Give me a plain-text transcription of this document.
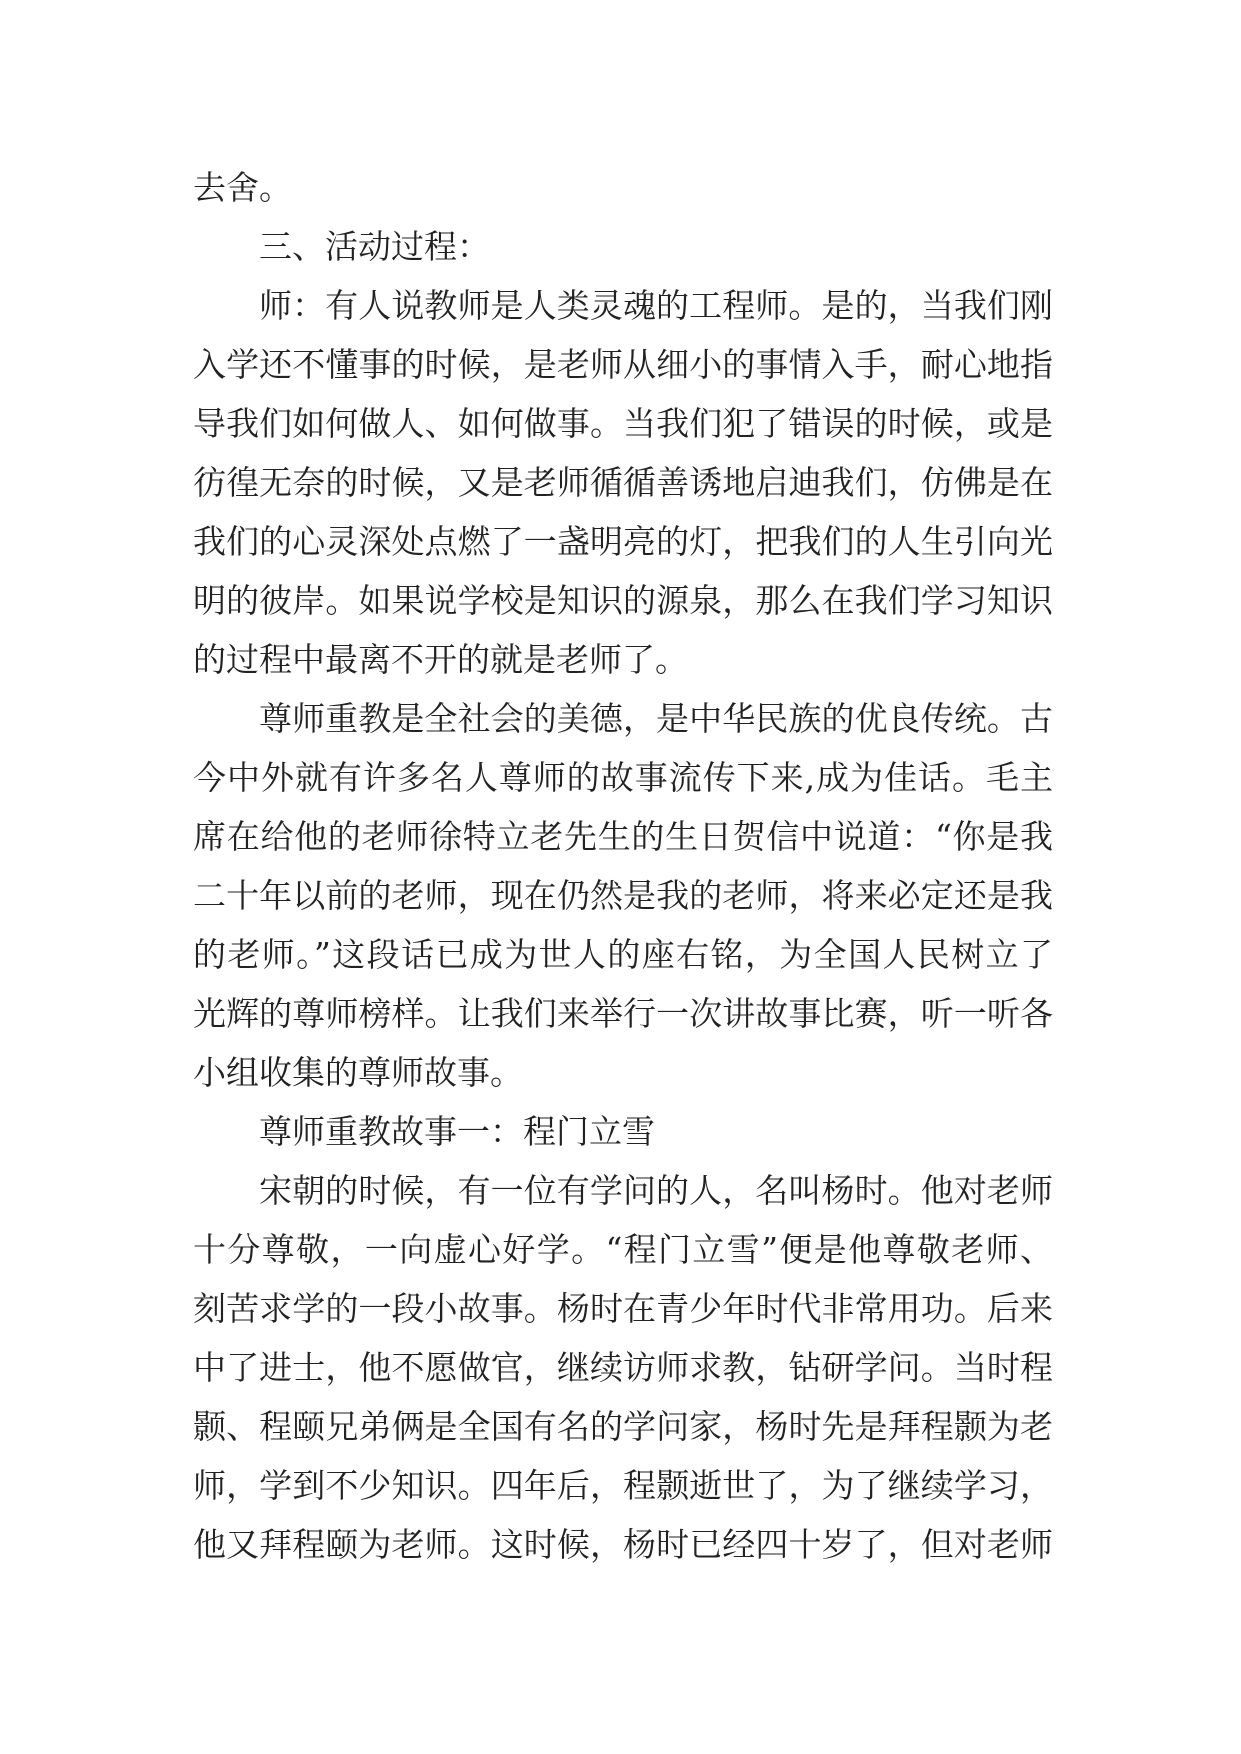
去舍。
三、活动过程：
师：有人说教师是人类灵魂的工程师。是的，当我们刚
入学还不懂事的时候，是老师从细小的事情入手，耐心地指
导我们如何做人、如何做事。当我们犯了错误的时候，或是
彷徨无奈的时候，又是老师循循善诱地启迪我们，仿佛是在
我们的心灵深处点燃了一盏明亮的灯，把我们的人生引向光
明的彼岸。如果说学校是知识的源泉，那么在我们学习知识
的过程中最离不开的就是老师了。
尊师重教是全社会的美德，是中华民族的优良传统。古
今中外就有许多名人尊师的故事流传下来,成为佳话。毛主
席在给他的老师徐特立老先生的生日贺信中说道：“你是我
二十年以前的老师，现在仍然是我的老师，将来必定还是我
的老师。”这段话已成为世人的座右铭，为全国人民树立了
光辉的尊师榜样。让我们来举行一次讲故事比赛，听一听各
小组收集的尊师故事。
尊师重教故事一：程门立雪
宋朝的时候，有一位有学问的人，名叫杨时。他对老师
十分尊敬，一向虚心好学。“程门立雪”便是他尊敬老师、
刻苦求学的一段小故事。杨时在青少年时代非常用功。后来
中了进士，他不愿做官，继续访师求教，钻研学问。当时程
颢、程颐兄弟俩是全国有名的学问家，杨时先是拜程颢为老
师，学到不少知识。四年后，程颢逝世了，为了继续学习，
他又拜程颐为老师。这时候，杨时已经四十岁了，但对老师
